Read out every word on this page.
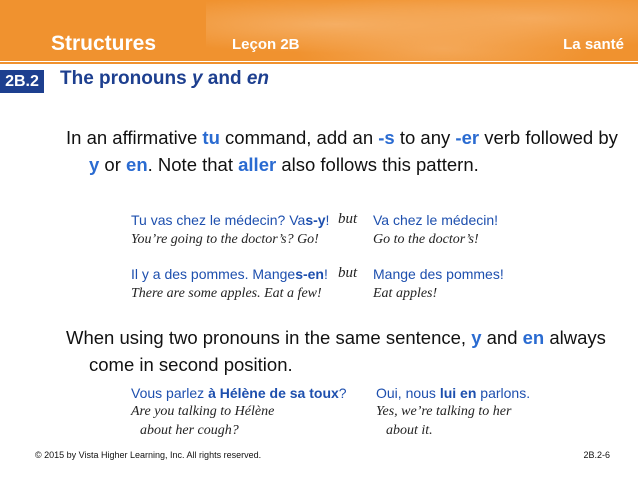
Structures	Leçon 2B	La santé
2B.2 The pronouns y and en
In an affirmative tu command, add an -s to any -er verb followed by y or en. Note that aller also follows this pattern.
Tu vas chez le médecin? Vas-y!
You’re going to the doctor’s? Go!
but Va chez le médecin!
Go to the doctor’s!
Il y a des pommes. Manges-en!
There are some apples. Eat a few!
but Mange des pommes!
Eat apples!
When using two pronouns in the same sentence, y and en always come in second position.
Vous parlez à Hélène de sa toux?
Are you talking to Hélène
about her cough?
Oui, nous lui en parlons.
Yes, we’re talking to her
about it.
© 2015 by Vista Higher Learning, Inc. All rights reserved.	2B.2-6
